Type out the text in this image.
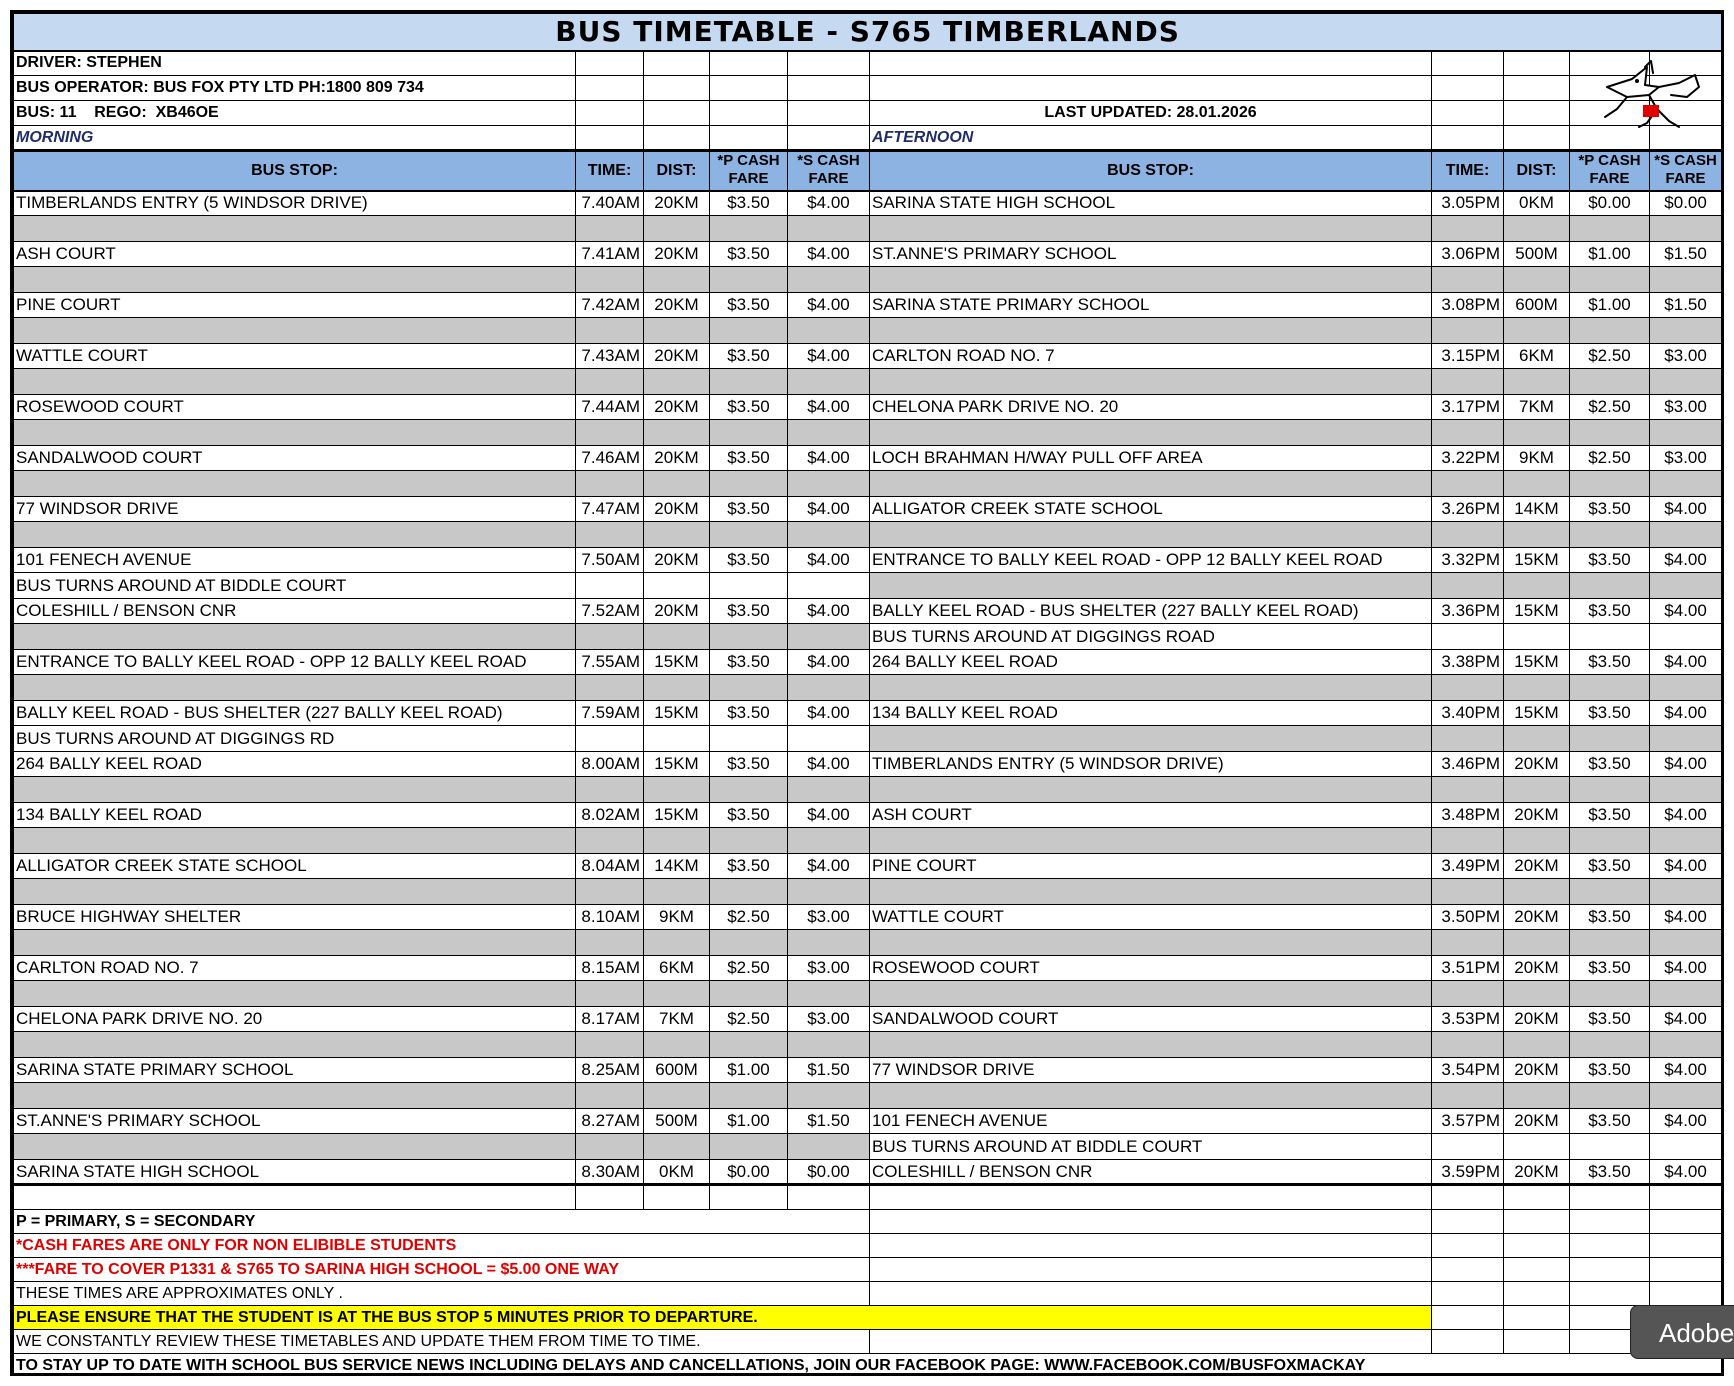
BUS TIMETABLE - S765 TIMBERLANDS									
DRIVER: STEPHEN									
BUS OPERATOR: BUS FOX PTY LTD PH:1800 809 734									
BUS: 11    REGO:  XB46OE					LAST UPDATED: 28.01.2026				
MORNING					AFTERNOON				
BUS STOP:	TIME:	DIST:	*P CASH FARE	*S CASH FARE	BUS STOP:	TIME:	DIST:	*P CASH FARE	*S CASH FARE
TIMBERLANDS ENTRY (5 WINDSOR DRIVE)	7.40AM	20KM	$3.50	$4.00	SARINA STATE HIGH SCHOOL	3.05PM	0KM	$0.00	$0.00

ASH COURT	7.41AM	20KM	$3.50	$4.00	ST.ANNE'S PRIMARY SCHOOL	3.06PM	500M	$1.00	$1.50

PINE COURT	7.42AM	20KM	$3.50	$4.00	SARINA STATE PRIMARY SCHOOL	3.08PM	600M	$1.00	$1.50

WATTLE COURT	7.43AM	20KM	$3.50	$4.00	CARLTON ROAD NO. 7	3.15PM	6KM	$2.50	$3.00

ROSEWOOD COURT	7.44AM	20KM	$3.50	$4.00	CHELONA PARK DRIVE NO. 20	3.17PM	7KM	$2.50	$3.00

SANDALWOOD COURT	7.46AM	20KM	$3.50	$4.00	LOCH BRAHMAN H/WAY PULL OFF AREA	3.22PM	9KM	$2.50	$3.00

77 WINDSOR DRIVE	7.47AM	20KM	$3.50	$4.00	ALLIGATOR CREEK STATE SCHOOL	3.26PM	14KM	$3.50	$4.00

101 FENECH AVENUE	7.50AM	20KM	$3.50	$4.00	ENTRANCE TO BALLY KEEL ROAD - OPP 12 BALLY KEEL ROAD	3.32PM	15KM	$3.50	$4.00
BUS TURNS AROUND AT BIDDLE COURT									
COLESHILL / BENSON CNR	7.52AM	20KM	$3.50	$4.00	BALLY KEEL ROAD - BUS SHELTER (227 BALLY KEEL ROAD)	3.36PM	15KM	$3.50	$4.00
					BUS TURNS AROUND AT DIGGINGS ROAD				
ENTRANCE TO BALLY KEEL ROAD - OPP 12 BALLY KEEL ROAD	7.55AM	15KM	$3.50	$4.00	264 BALLY KEEL ROAD	3.38PM	15KM	$3.50	$4.00

BALLY KEEL ROAD - BUS SHELTER (227 BALLY KEEL ROAD)	7.59AM	15KM	$3.50	$4.00	134 BALLY KEEL ROAD	3.40PM	15KM	$3.50	$4.00
BUS TURNS AROUND AT DIGGINGS RD									
264 BALLY KEEL ROAD	8.00AM	15KM	$3.50	$4.00	TIMBERLANDS ENTRY (5 WINDSOR DRIVE)	3.46PM	20KM	$3.50	$4.00

134 BALLY KEEL ROAD	8.02AM	15KM	$3.50	$4.00	ASH COURT	3.48PM	20KM	$3.50	$4.00

ALLIGATOR CREEK STATE SCHOOL	8.04AM	14KM	$3.50	$4.00	PINE COURT	3.49PM	20KM	$3.50	$4.00

BRUCE HIGHWAY SHELTER	8.10AM	9KM	$2.50	$3.00	WATTLE COURT	3.50PM	20KM	$3.50	$4.00

CARLTON ROAD NO. 7	8.15AM	6KM	$2.50	$3.00	ROSEWOOD COURT	3.51PM	20KM	$3.50	$4.00

CHELONA PARK DRIVE NO. 20	8.17AM	7KM	$2.50	$3.00	SANDALWOOD COURT	3.53PM	20KM	$3.50	$4.00

SARINA STATE PRIMARY SCHOOL	8.25AM	600M	$1.00	$1.50	77 WINDSOR DRIVE	3.54PM	20KM	$3.50	$4.00

ST.ANNE'S PRIMARY SCHOOL	8.27AM	500M	$1.00	$1.50	101 FENECH AVENUE	3.57PM	20KM	$3.50	$4.00
					BUS TURNS AROUND AT BIDDLE COURT				
SARINA STATE HIGH SCHOOL	8.30AM	0KM	$0.00	$0.00	COLESHILL / BENSON CNR	3.59PM	20KM	$3.50	$4.00

P = PRIMARY, S = SECONDARY									
*CASH FARES ARE ONLY FOR NON ELIBIBLE STUDENTS									
***FARE TO COVER P1331 & S765 TO SARINA HIGH SCHOOL = $5.00 ONE WAY									
THESE TIMES ARE APPROXIMATES ONLY .									
PLEASE ENSURE THAT THE STUDENT IS AT THE BUS STOP 5 MINUTES PRIOR TO DEPARTURE.									
WE CONSTANTLY REVIEW THESE TIMETABLES AND UPDATE THEM FROM TIME TO TIME.									
TO STAY UP TO DATE WITH SCHOOL BUS SERVICE NEWS INCLUDING DELAYS AND CANCELLATIONS, JOIN OUR FACEBOOK PAGE: WWW.FACEBOOK.COM/BUSFOXMACKAY									
Adobe
